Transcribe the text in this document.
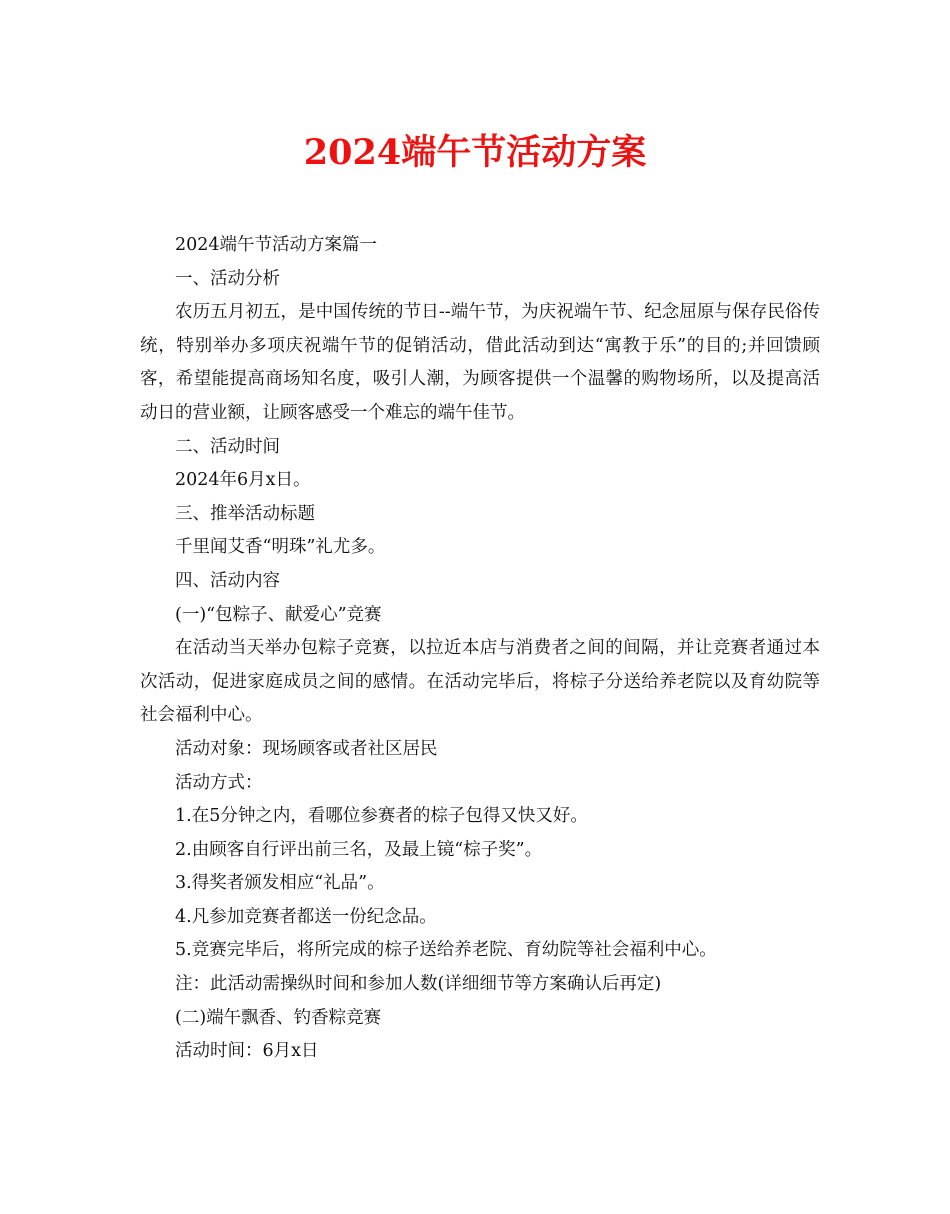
2024端午节活动方案

2024端午节活动方案篇一

一、活动分析

农历五月初五，是中国传统的节日--端午节，为庆祝端午节、纪念屈原与保存民俗传统，特别举办多项庆祝端午节的促销活动，借此活动到达“寓教于乐”的目的;并回馈顾客，希望能提高商场知名度，吸引人潮，为顾客提供一个温馨的购物场所，以及提高活动日的营业额，让顾客感受一个难忘的端午佳节。

二、活动时间

2024年6月x日。

三、推举活动标题

千里闻艾香“明珠”礼尤多。

四、活动内容

(一)“包粽子、献爱心”竞赛

在活动当天举办包粽子竞赛，以拉近本店与消费者之间的间隔，并让竞赛者通过本次活动，促进家庭成员之间的感情。在活动完毕后，将棕子分送给养老院以及育幼院等社会福利中心。

活动对象：现场顾客或者社区居民

活动方式：

1.在5分钟之内，看哪位参赛者的棕子包得又快又好。

2.由顾客自行评出前三名，及最上镜“棕子奖”。

3.得奖者颁发相应“礼品”。

4.凡参加竞赛者都送一份纪念品。

5.竞赛完毕后，将所完成的棕子送给养老院、育幼院等社会福利中心。

注：此活动需操纵时间和参加人数(详细细节等方案确认后再定)

(二)端午飘香、钓香粽竞赛

活动时间：6月x日
